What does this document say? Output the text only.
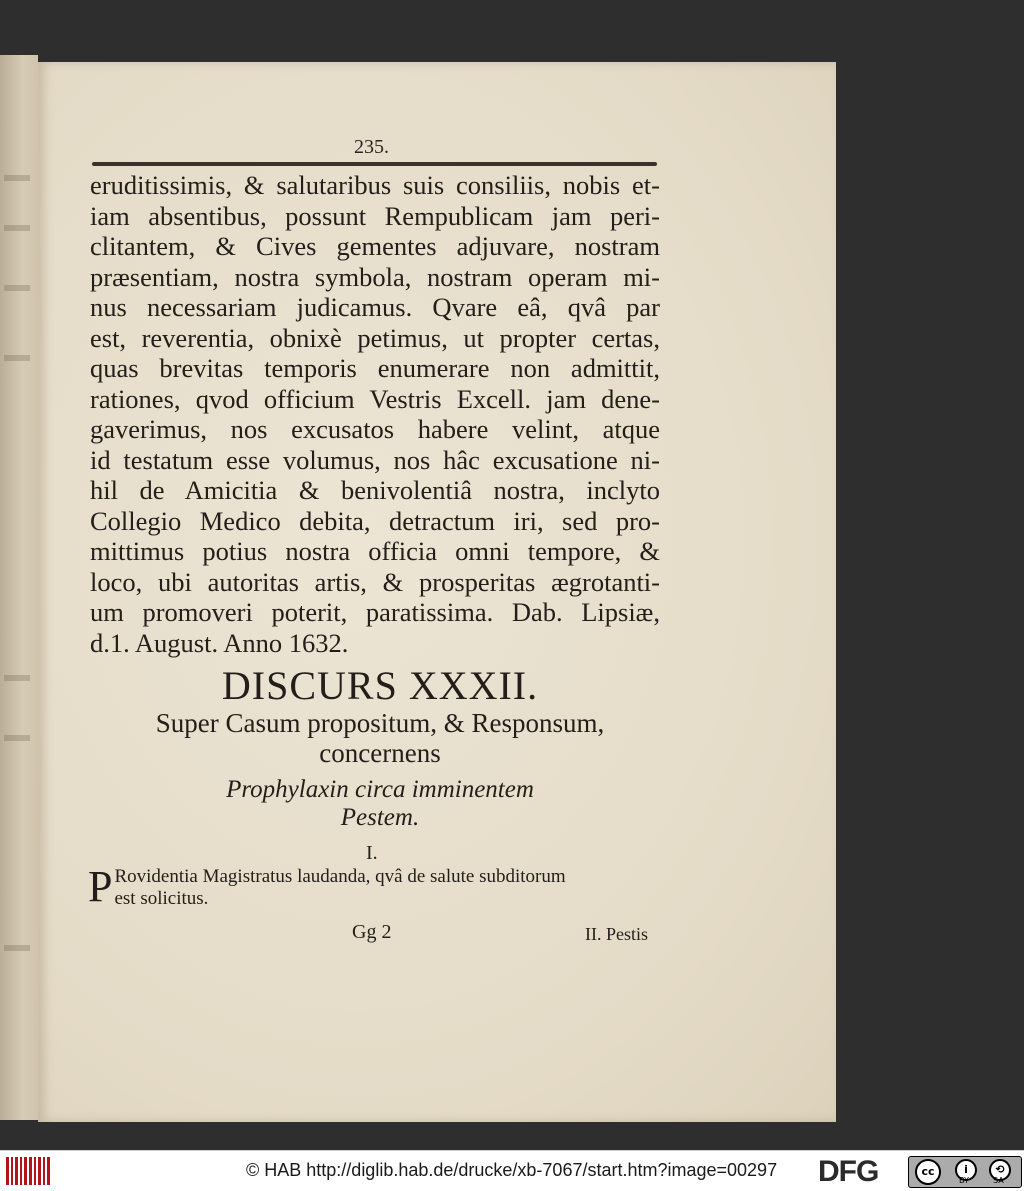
235.
eruditissimis, & salutaribus suis consiliis, nobis et-
iam absentibus, possunt Rempublicam jam peri-
clitantem, & Cives gementes adjuvare, nostram
præsentiam, nostra symbola, nostram operam mi-
nus necessariam judicamus. Qvare eâ, qvâ par
est, reverentia, obnixè petimus, ut propter certas,
quas brevitas temporis enumerare non admittit,
rationes, qvod officium Vestris Excell. jam dene-
gaverimus, nos excusatos habere velint, atque
id testatum esse volumus, nos hâc excusatione ni-
hil de Amicitia & benivolentiâ nostra, inclyto
Collegio Medico debita, detractum iri, sed pro-
mittimus potius nostra officia omni tempore, &
loco, ubi autoritas artis, & prosperitas ægrotanti-
um promoveri poterit, paratissima. Dab. Lipsiæ,
d.1. August. Anno 1632.
DISCURS XXXII.
Super Casum propositum, & Responsum,
concernens
Prophylaxin circa imminentem
Pestem.
I.
P Rovidentia Magistratus laudanda, qvâ de salute subditorum
est solicitus.
Gg 2	II. Pestis
© HAB http://diglib.hab.de/drucke/xb-7067/start.htm?image=00297 DFG	cc	i	⟲
BY	SA
